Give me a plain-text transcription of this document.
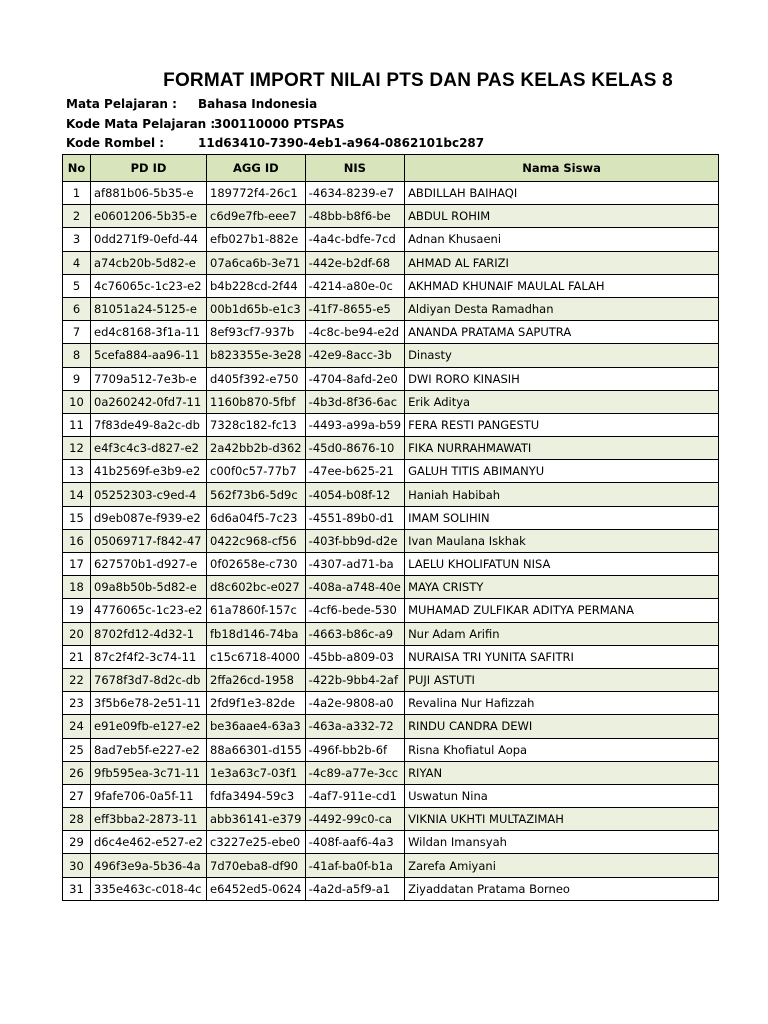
FORMAT IMPORT NILAI PTS DAN PAS KELAS KELAS 8
Mata Pelajaran : Bahasa Indonesia
Kode Mata Pelajaran :300110000 PTSPAS
Kode Rombel :	11d63410-7390-4eb1-a964-0862101bc287
No	PD ID	AGG ID	NIS	Nama Siswa
1	af881b06-5b35-e	189772f4-26c1	-4634-8239-e7	ABDILLAH BAIHAQI
2	e0601206-5b35-e	c6d9e7fb-eee7	-48bb-b8f6-be	ABDUL ROHIM
3	0dd271f9-0efd-44	efb027b1-882e	-4a4c-bdfe-7cd	Adnan Khusaeni
4	a74cb20b-5d82-e	07a6ca6b-3e71	-442e-b2df-68	AHMAD AL FARIZI
5	4c76065c-1c23-e2	b4b228cd-2f44	-4214-a80e-0c	AKHMAD KHUNAIF MAULAL FALAH
6	81051a24-5125-e	00b1d65b-e1c3	-41f7-8655-e5	Aldiyan Desta Ramadhan
7	ed4c8168-3f1a-11	8ef93cf7-937b	-4c8c-be94-e2d	ANANDA PRATAMA SAPUTRA
8	5cefa884-aa96-11	b823355e-3e28	-42e9-8acc-3b	Dinasty
9	7709a512-7e3b-e	d405f392-e750	-4704-8afd-2e0	DWI RORO KINASIH
10	0a260242-0fd7-11	1160b870-5fbf	-4b3d-8f36-6ac	Erik Aditya
11	7f83de49-8a2c-db	7328c182-fc13	-4493-a99a-b59	FERA RESTI PANGESTU
12	e4f3c4c3-d827-e2	2a42bb2b-d362	-45d0-8676-10	FIKA NURRAHMAWATI
13	41b2569f-e3b9-e2	c00f0c57-77b7	-47ee-b625-21	GALUH TITIS ABIMANYU
14	05252303-c9ed-4	562f73b6-5d9c	-4054-b08f-12	Haniah Habibah
15	d9eb087e-f939-e2	6d6a04f5-7c23	-4551-89b0-d1	IMAM SOLIHIN
16	05069717-f842-47	0422c968-cf56	-403f-bb9d-d2e	Ivan Maulana Iskhak
17	627570b1-d927-e	0f02658e-c730	-4307-ad71-ba	LAELU KHOLIFATUN NISA
18	09a8b50b-5d82-e	d8c602bc-e027	-408a-a748-40e	MAYA CRISTY
19	4776065c-1c23-e2	61a7860f-157c	-4cf6-bede-530	MUHAMAD ZULFIKAR ADITYA PERMANA
20	8702fd12-4d32-1	fb18d146-74ba	-4663-b86c-a9	Nur Adam Arifin
21	87c2f4f2-3c74-11	c15c6718-4000	-45bb-a809-03	NURAISA TRI YUNITA SAFITRI
22	7678f3d7-8d2c-db	2ffa26cd-1958	-422b-9bb4-2af	PUJI ASTUTI
23	3f5b6e78-2e51-11	2fd9f1e3-82de	-4a2e-9808-a0	Revalina Nur Hafizzah
24	e91e09fb-e127-e2	be36aae4-63a3	-463a-a332-72	RINDU CANDRA DEWI
25	8ad7eb5f-e227-e2	88a66301-d155	-496f-bb2b-6f	Risna Khofiatul Aopa
26	9fb595ea-3c71-11	1e3a63c7-03f1	-4c89-a77e-3cc	RIYAN
27	9fafe706-0a5f-11	fdfa3494-59c3	-4af7-911e-cd1	Uswatun Nina
28	eff3bba2-2873-11	abb36141-e379	-4492-99c0-ca	VIKNIA UKHTI MULTAZIMAH
29	d6c4e462-e527-e2	c3227e25-ebe0	-408f-aaf6-4a3	Wildan Imansyah
30	496f3e9a-5b36-4a	7d70eba8-df90	-41af-ba0f-b1a	Zarefa Amiyani
31	335e463c-c018-4c	e6452ed5-0624	-4a2d-a5f9-a1	Ziyaddatan Pratama Borneo
